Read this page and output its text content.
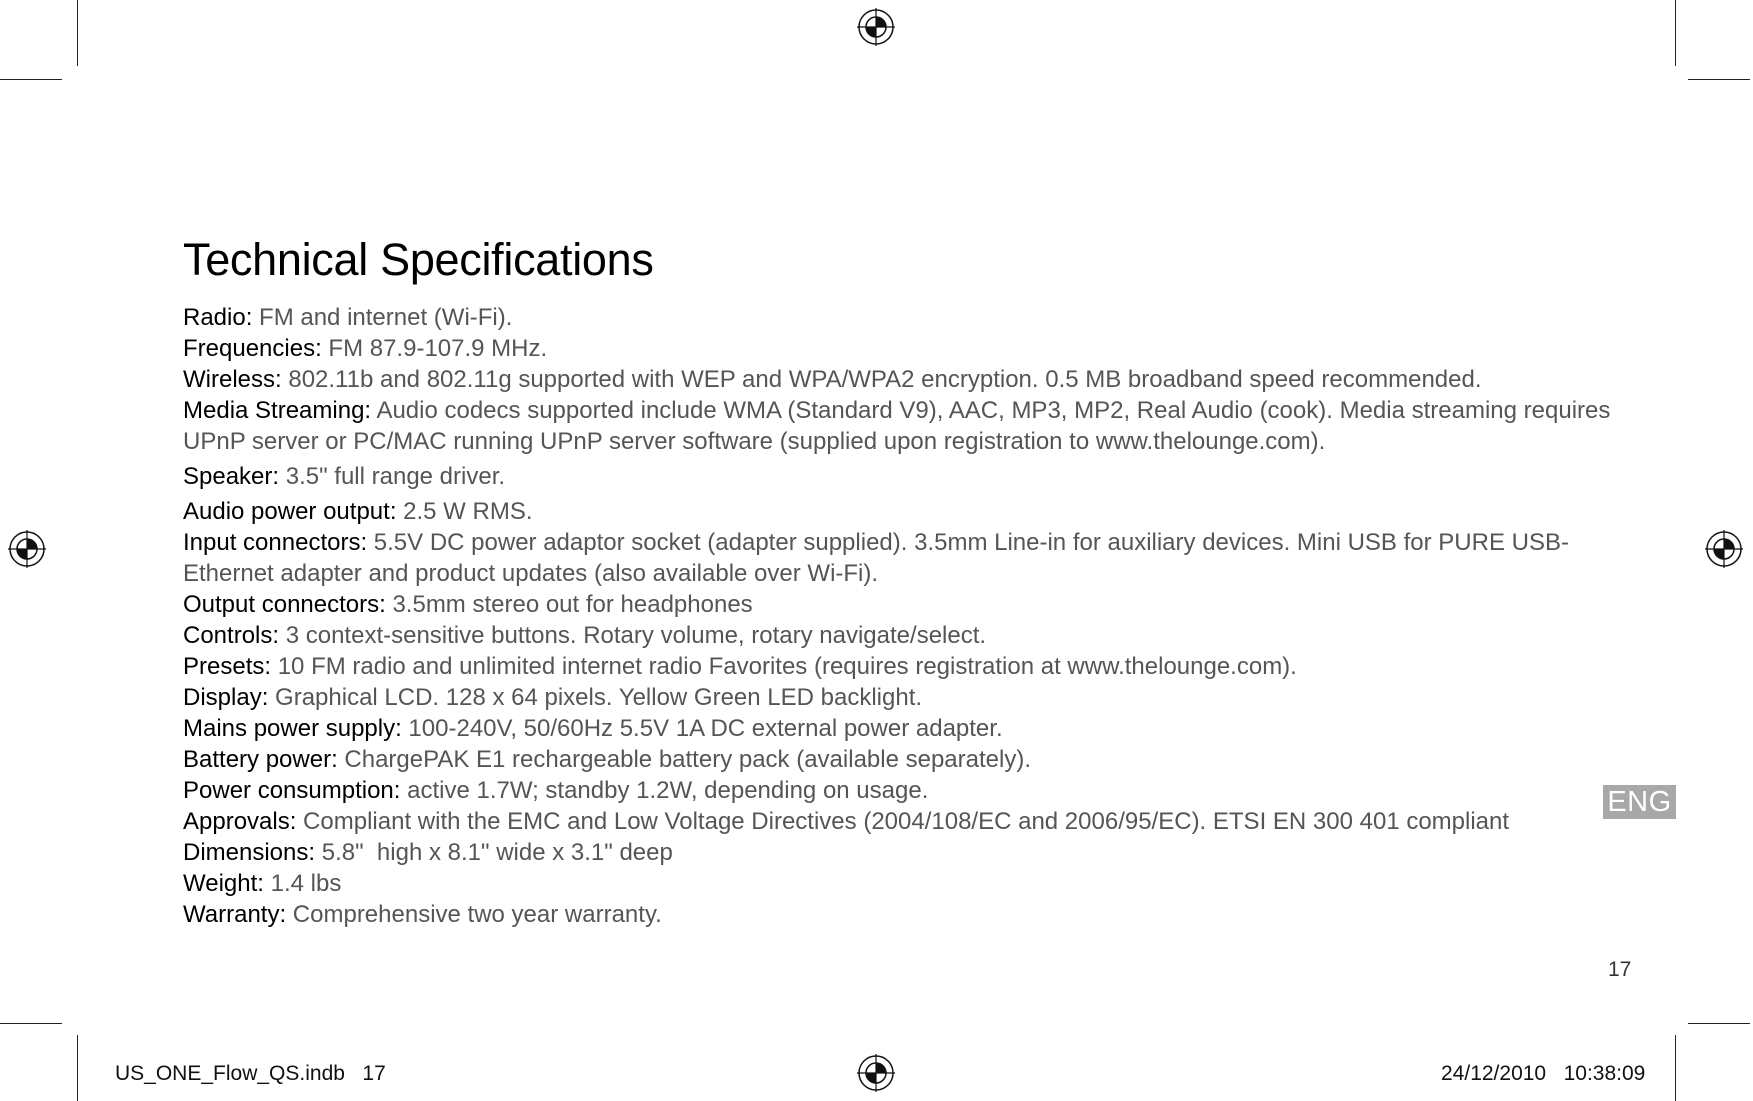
Technical Specifications
Radio: FM and internet (Wi-Fi).
Frequencies: FM 87.9-107.9 MHz.
Wireless: 802.11b and 802.11g supported with WEP and WPA/WPA2 encryption. 0.5 MB broadband speed recommended.
Media Streaming: Audio codecs supported include WMA (Standard V9), AAC, MP3, MP2, Real Audio (cook). Media streaming requires UPnP server or PC/MAC running UPnP server software (supplied upon registration to www.thelounge.com).
Speaker: 3.5" full range driver.
Audio power output: 2.5 W RMS.
Input connectors: 5.5V DC power adaptor socket (adapter supplied). 3.5mm Line-in for auxiliary devices. Mini USB for PURE USB-Ethernet adapter and product updates (also available over Wi-Fi).
Output connectors: 3.5mm stereo out for headphones
Controls: 3 context-sensitive buttons. Rotary volume, rotary navigate/select.
Presets: 10 FM radio and unlimited internet radio Favorites (requires registration at www.thelounge.com).
Display: Graphical LCD. 128 x 64 pixels. Yellow Green LED backlight.
Mains power supply: 100-240V, 50/60Hz 5.5V 1A DC external power adapter.
Battery power: ChargePAK E1 rechargeable battery pack (available separately).
Power consumption: active 1.7W; standby 1.2W, depending on usage.
Approvals: Compliant with the EMC and Low Voltage Directives (2004/108/EC and 2006/95/EC). ETSI EN 300 401 compliant
Dimensions: 5.8"  high x 8.1" wide x 3.1" deep
Weight: 1.4 lbs
Warranty: Comprehensive two year warranty.
ENG
17
US_ONE_Flow_QS.indb   17	24/12/2010   10:38:09
